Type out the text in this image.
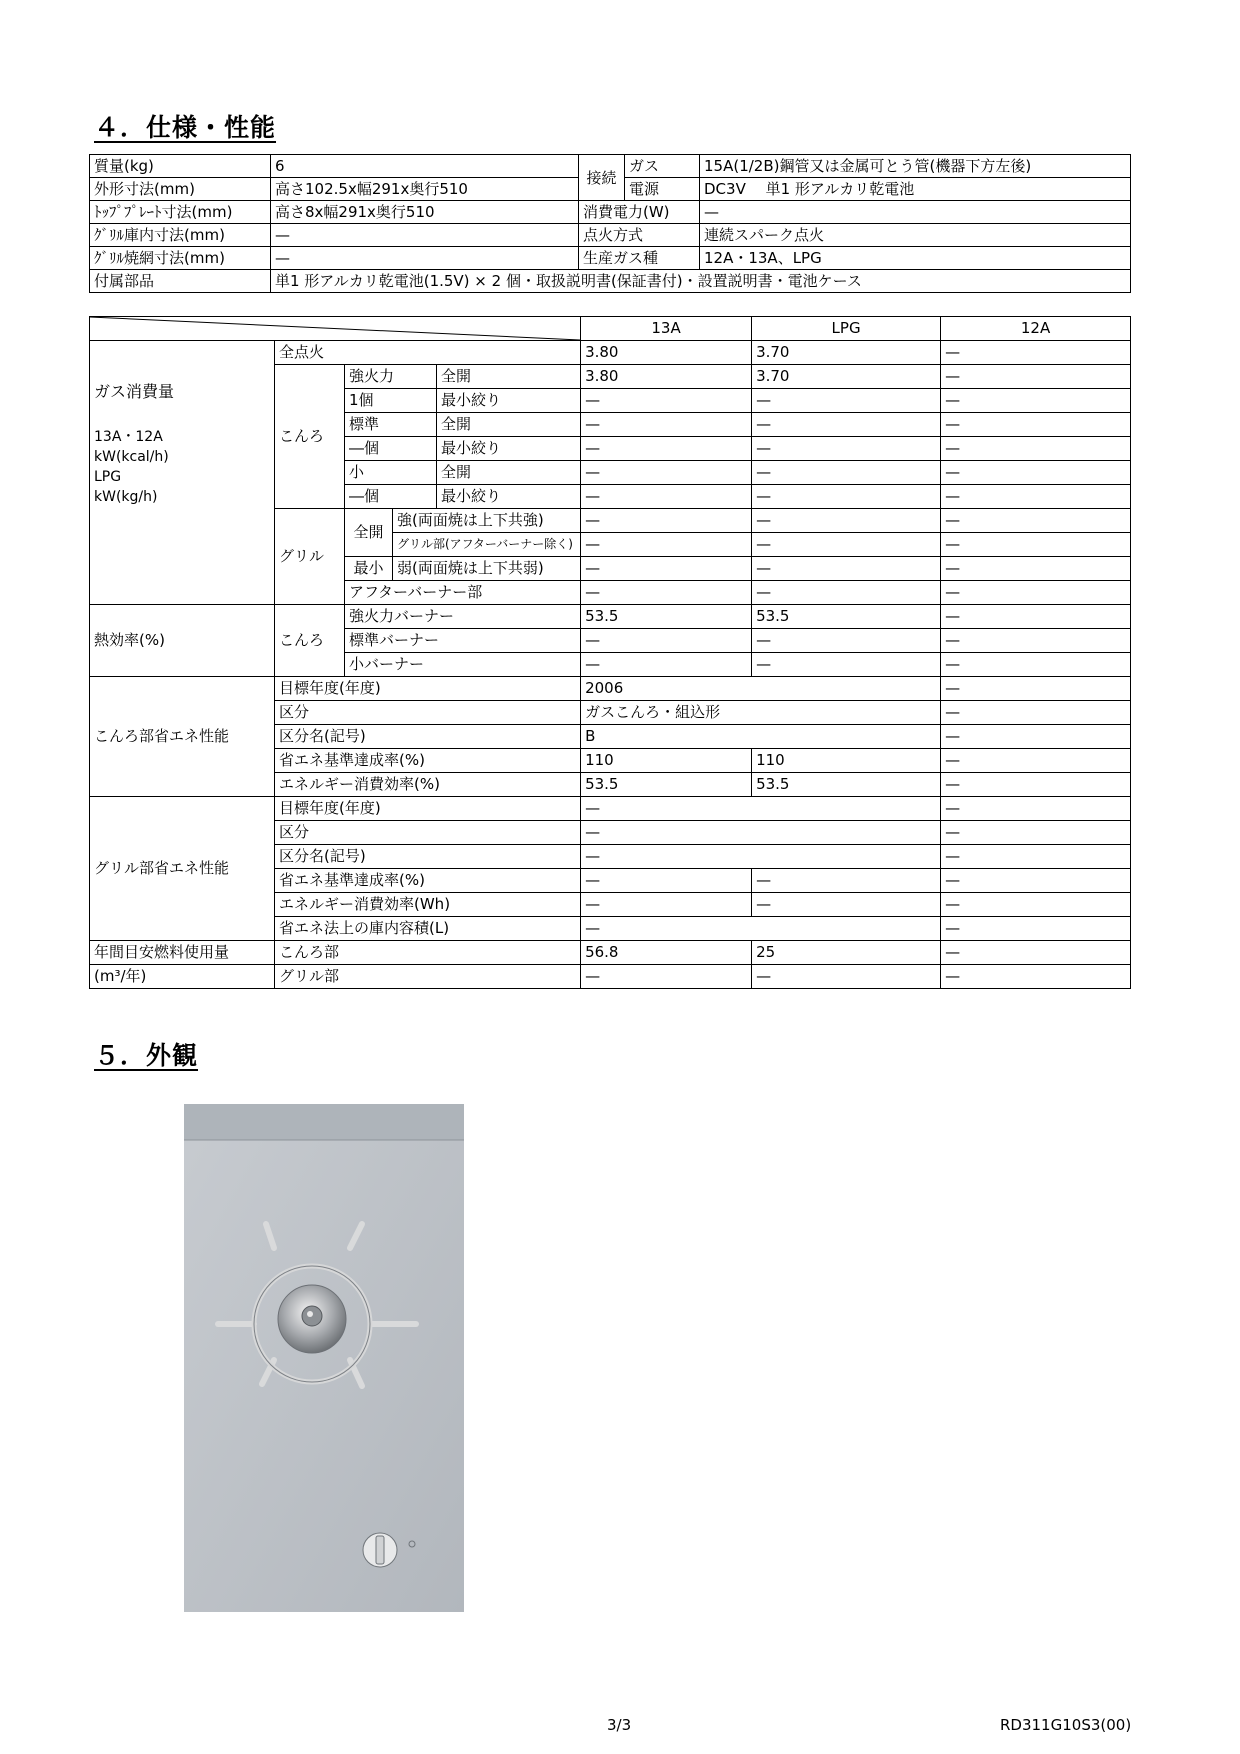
４．仕様・性能
質量(kg)	6	接続	ガス	15A(1/2B)鋼管又は金属可とう管(機器下方左後)
外形寸法(mm)	高さ102.5x幅291x奥行510		電源	DC3V　 単1 形アルカリ乾電池
ﾄｯﾌﾟﾌﾟﾚｰﾄ寸法(mm)	高さ8x幅291x奥行510	消費電力(W)		—
ｸﾞﾘﾙ庫内寸法(mm)	—	点火方式		連続スパーク点火
ｸﾞﾘﾙ焼網寸法(mm)	—	生産ガス種		12A・13A、LPG
付属部品	単1 形アルカリ乾電池(1.5V) × 2 個・取扱説明書(保証書付)・設置説明書・電池ケース			
	13A	LPG	12A

ガス消費量
13A・12A
kW(kcal/h)
LPG
kW(kg/h)	全点火				3.80	3.70	—
	こんろ	強火力		全開	3.80	3.70	—
		1個		最小絞り	—	—	—
		標準		全開	—	—	—
		―個		最小絞り	—	—	—
		小		全開	—	—	—
		―個		最小絞り	—	—	—
	グリル	全開	強(両面焼は上下共強)		—	—	—
			グリル部(アフターバーナー除く)		—	—	—
		最小	弱(両面焼は上下共弱)		—	—	—
		アフターバーナー部			—	—	—
熱効率(%)	こんろ	強火力バーナー			53.5	53.5	—
		標準バーナー			—	—	—
		小バーナー			—	—	—
こんろ部省エネ性能	目標年度(年度)				2006		—
	区分				ガスこんろ・組込形		—
	区分名(記号)				B		—
	省エネ基準達成率(%)				110	110	—
	エネルギー消費効率(%)				53.5	53.5	—
グリル部省エネ性能	目標年度(年度)				—		—
	区分				—		—
	区分名(記号)				—		—
	省エネ基準達成率(%)				—	—	—
	エネルギー消費効率(Wh)				—	—	—
	省エネ法上の庫内容積(L)				—		—
年間目安燃料使用量	こんろ部				56.8	25	—
(m³/年)	グリル部				—	—	—
５．外観
3/3	RD311G10S3(00)
